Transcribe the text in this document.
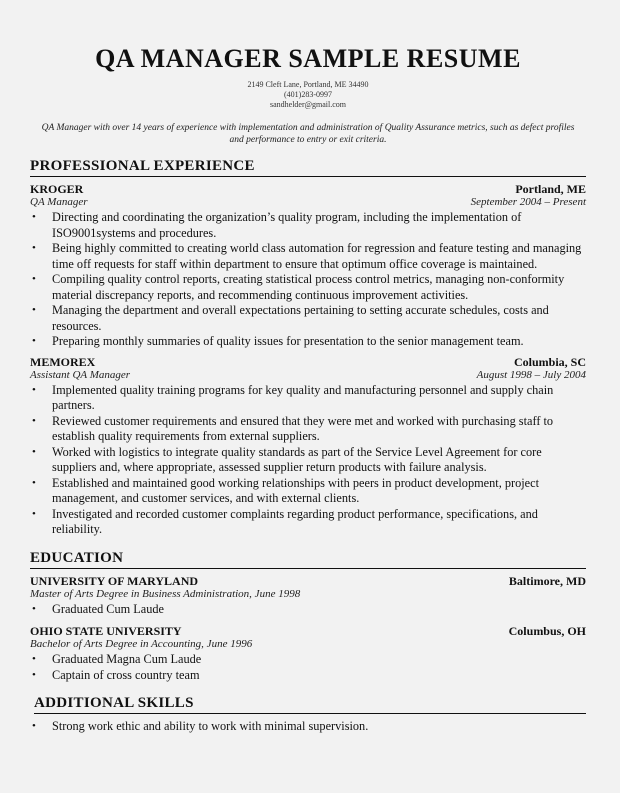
QA MANAGER SAMPLE RESUME
2149 Cleft Lane, Portland, ME 34490
(401)283-0997
sandhelder@gmail.com
QA Manager with over 14 years of experience with implementation and administration of Quality Assurance metrics, such as defect profiles and performance to entry or exit criteria.
PROFESSIONAL EXPERIENCE
KROGER	Portland, ME
QA Manager	September 2004 – Present
• Directing and coordinating the organization’s quality program, including the implementation of ISO9001systems and procedures.
• Being highly committed to creating world class automation for regression and feature testing and managing time off requests for staff within department to ensure that optimum office coverage is maintained.
• Compiling quality control reports, creating statistical process control metrics, managing non-conformity material discrepancy reports, and recommending continuous improvement activities.
• Managing the department and overall expectations pertaining to setting accurate schedules, costs and resources.
• Preparing monthly summaries of quality issues for presentation to the senior management team.
MEMOREX	Columbia, SC
Assistant QA Manager	August 1998 – July 2004
• Implemented quality training programs for key quality and manufacturing personnel and supply chain partners.
• Reviewed customer requirements and ensured that they were met and worked with purchasing staff to establish quality requirements from external suppliers.
• Worked with logistics to integrate quality standards as part of the Service Level Agreement for core suppliers and, where appropriate, assessed supplier return products with failure analysis.
• Established and maintained good working relationships with peers in product development, project management, and customer services, and with external clients.
• Investigated and recorded customer complaints regarding product performance, specifications, and reliability.
EDUCATION
UNIVERSITY OF MARYLAND	Baltimore, MD
Master of Arts Degree in Business Administration, June 1998
• Graduated Cum Laude
OHIO STATE UNIVERSITY	Columbus, OH
Bachelor of Arts Degree in Accounting, June 1996
• Graduated Magna Cum Laude
• Captain of cross country team
ADDITIONAL SKILLS
• Strong work ethic and ability to work with minimal supervision.
